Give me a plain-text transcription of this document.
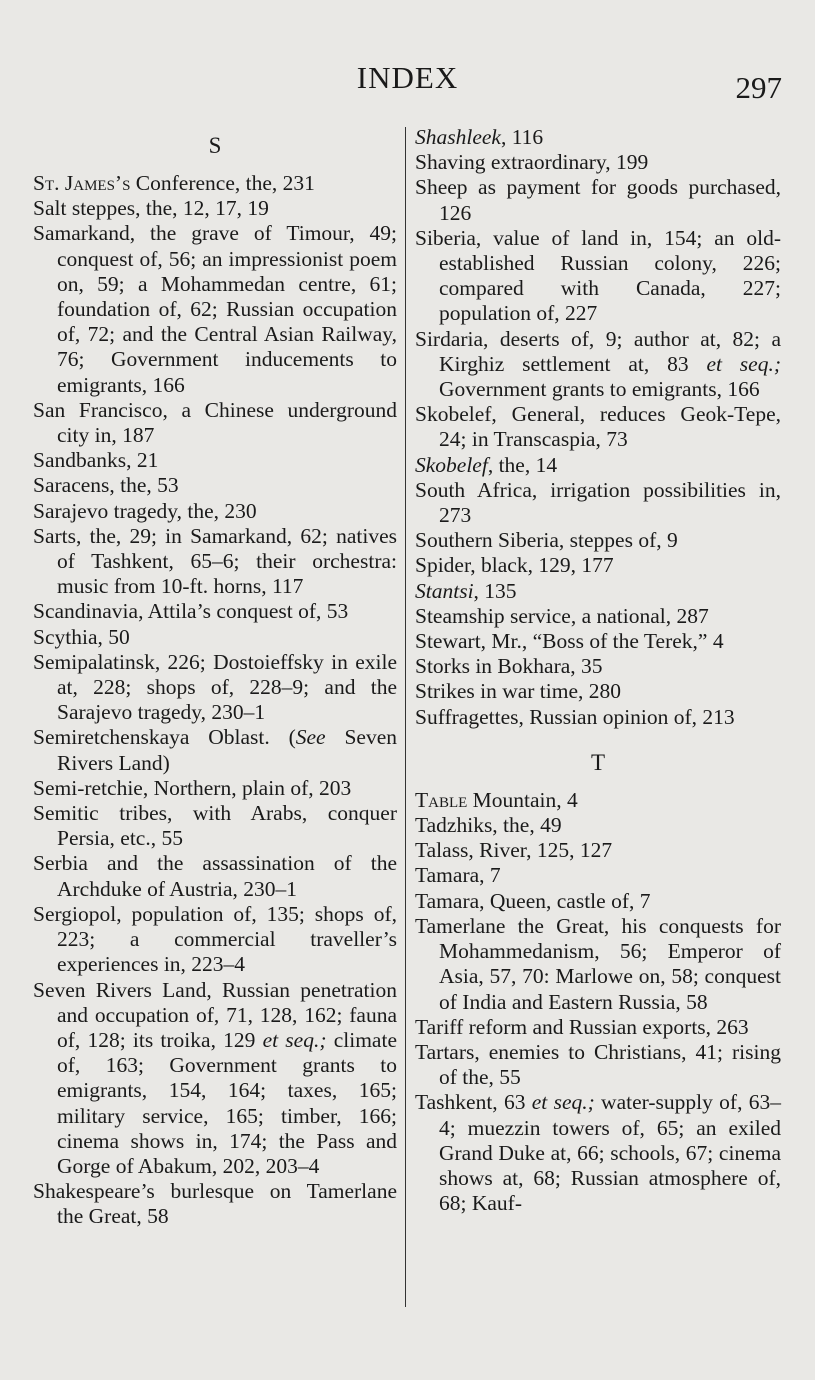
INDEX	297
S

St. James’s Conference, the, 231

Salt steppes, the, 12, 17, 19

Samarkand, the grave of Timour, 49; conquest of, 56; an impressionist poem on, 59; a Mohammedan centre, 61; foundation of, 62; Russian occupation of, 72; and the Central Asian Railway, 76; Government inducements to emigrants, 166

San Francisco, a Chinese underground city in, 187

Sandbanks, 21

Saracens, the, 53

Sarajevo tragedy, the, 230

Sarts, the, 29; in Samarkand, 62; natives of Tashkent, 65–6; their orchestra: music from 10-ft. horns, 117

Scandinavia, Attila’s conquest of, 53

Scythia, 50

Semipalatinsk, 226; Dostoieffsky in exile at, 228; shops of, 228–9; and the Sarajevo tragedy, 230–1

Semiretchenskaya Oblast. (See Seven Rivers Land)

Semi-retchie, Northern, plain of, 203

Semitic tribes, with Arabs, conquer Persia, etc., 55

Serbia and the assassination of the Archduke of Austria, 230–1

Sergiopol, population of, 135; shops of, 223; a commercial traveller’s experiences in, 223–4

Seven Rivers Land, Russian penetration and occupation of, 71, 128, 162; fauna of, 128; its troika, 129 et seq.; climate of, 163; Government grants to emigrants, 154, 164; taxes, 165; military service, 165; timber, 166; cinema shows in, 174; the Pass and Gorge of Abakum, 202, 203–4

Shakespeare’s burlesque on Tamerlane the Great, 58

Shashleek, 116

Shaving extraordinary, 199

Sheep as payment for goods purchased, 126

Siberia, value of land in, 154; an old-established Russian colony, 226; compared with Canada, 227; population of, 227

Sirdaria, deserts of, 9; author at, 82; a Kirghiz settlement at, 83 et seq.; Government grants to emigrants, 166

Skobelef, General, reduces Geok-Tepe, 24; in Transcaspia, 73

Skobelef, the, 14

South Africa, irrigation possibilities in, 273

Southern Siberia, steppes of, 9

Spider, black, 129, 177

Stantsi, 135

Steamship service, a national, 287

Stewart, Mr., “Boss of the Terek,” 4

Storks in Bokhara, 35

Strikes in war time, 280

Suffragettes, Russian opinion of, 213

T

Table Mountain, 4

Tadzhiks, the, 49

Talass, River, 125, 127

Tamara, 7

Tamara, Queen, castle of, 7

Tamerlane the Great, his conquests for Mohammedanism, 56; Emperor of Asia, 57, 70: Marlowe on, 58; conquest of India and Eastern Russia, 58

Tariff reform and Russian exports, 263

Tartars, enemies to Christians, 41; rising of the, 55

Tashkent, 63 et seq.; water-supply of, 63–4; muezzin towers of, 65; an exiled Grand Duke at, 66; schools, 67; cinema shows at, 68; Russian atmosphere of, 68; Kauf-
